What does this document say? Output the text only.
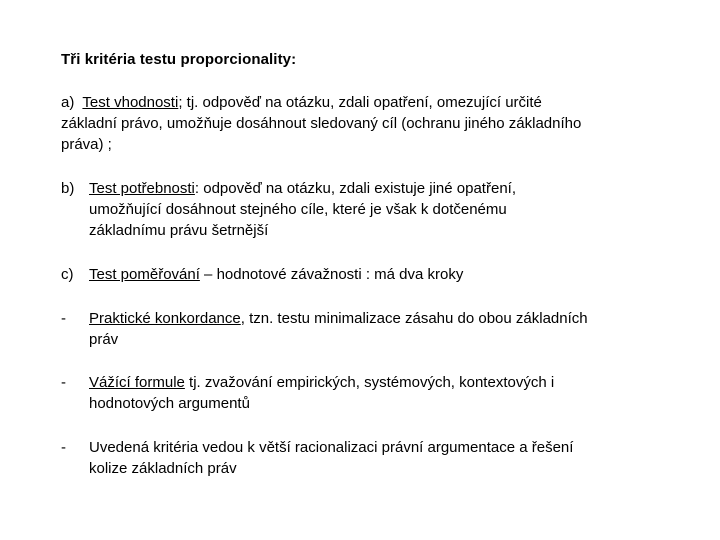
Tři kritéria testu proporcionality:
a) Test vhodnosti; tj. odpověď na otázku, zdali opatření, omezující určité
základní právo, umožňuje dosáhnout sledovaný cíl (ochranu jiného základního
práva) ;
b) Test potřebnosti: odpověď na otázku, zdali existuje jiné opatření,
umožňující dosáhnout stejného cíle, které je však k dotčenému
základnímu právu šetrnější
c) Test poměřování – hodnotové závažnosti : má dva kroky
- Praktické konkordance, tzn. testu minimalizace zásahu do obou základních
práv
- Vážící formule tj. zvažování empirických, systémových, kontextových i
hodnotových argumentů
- Uvedená kritéria vedou k větší racionalizaci právní argumentace a řešení
kolize základních práv
